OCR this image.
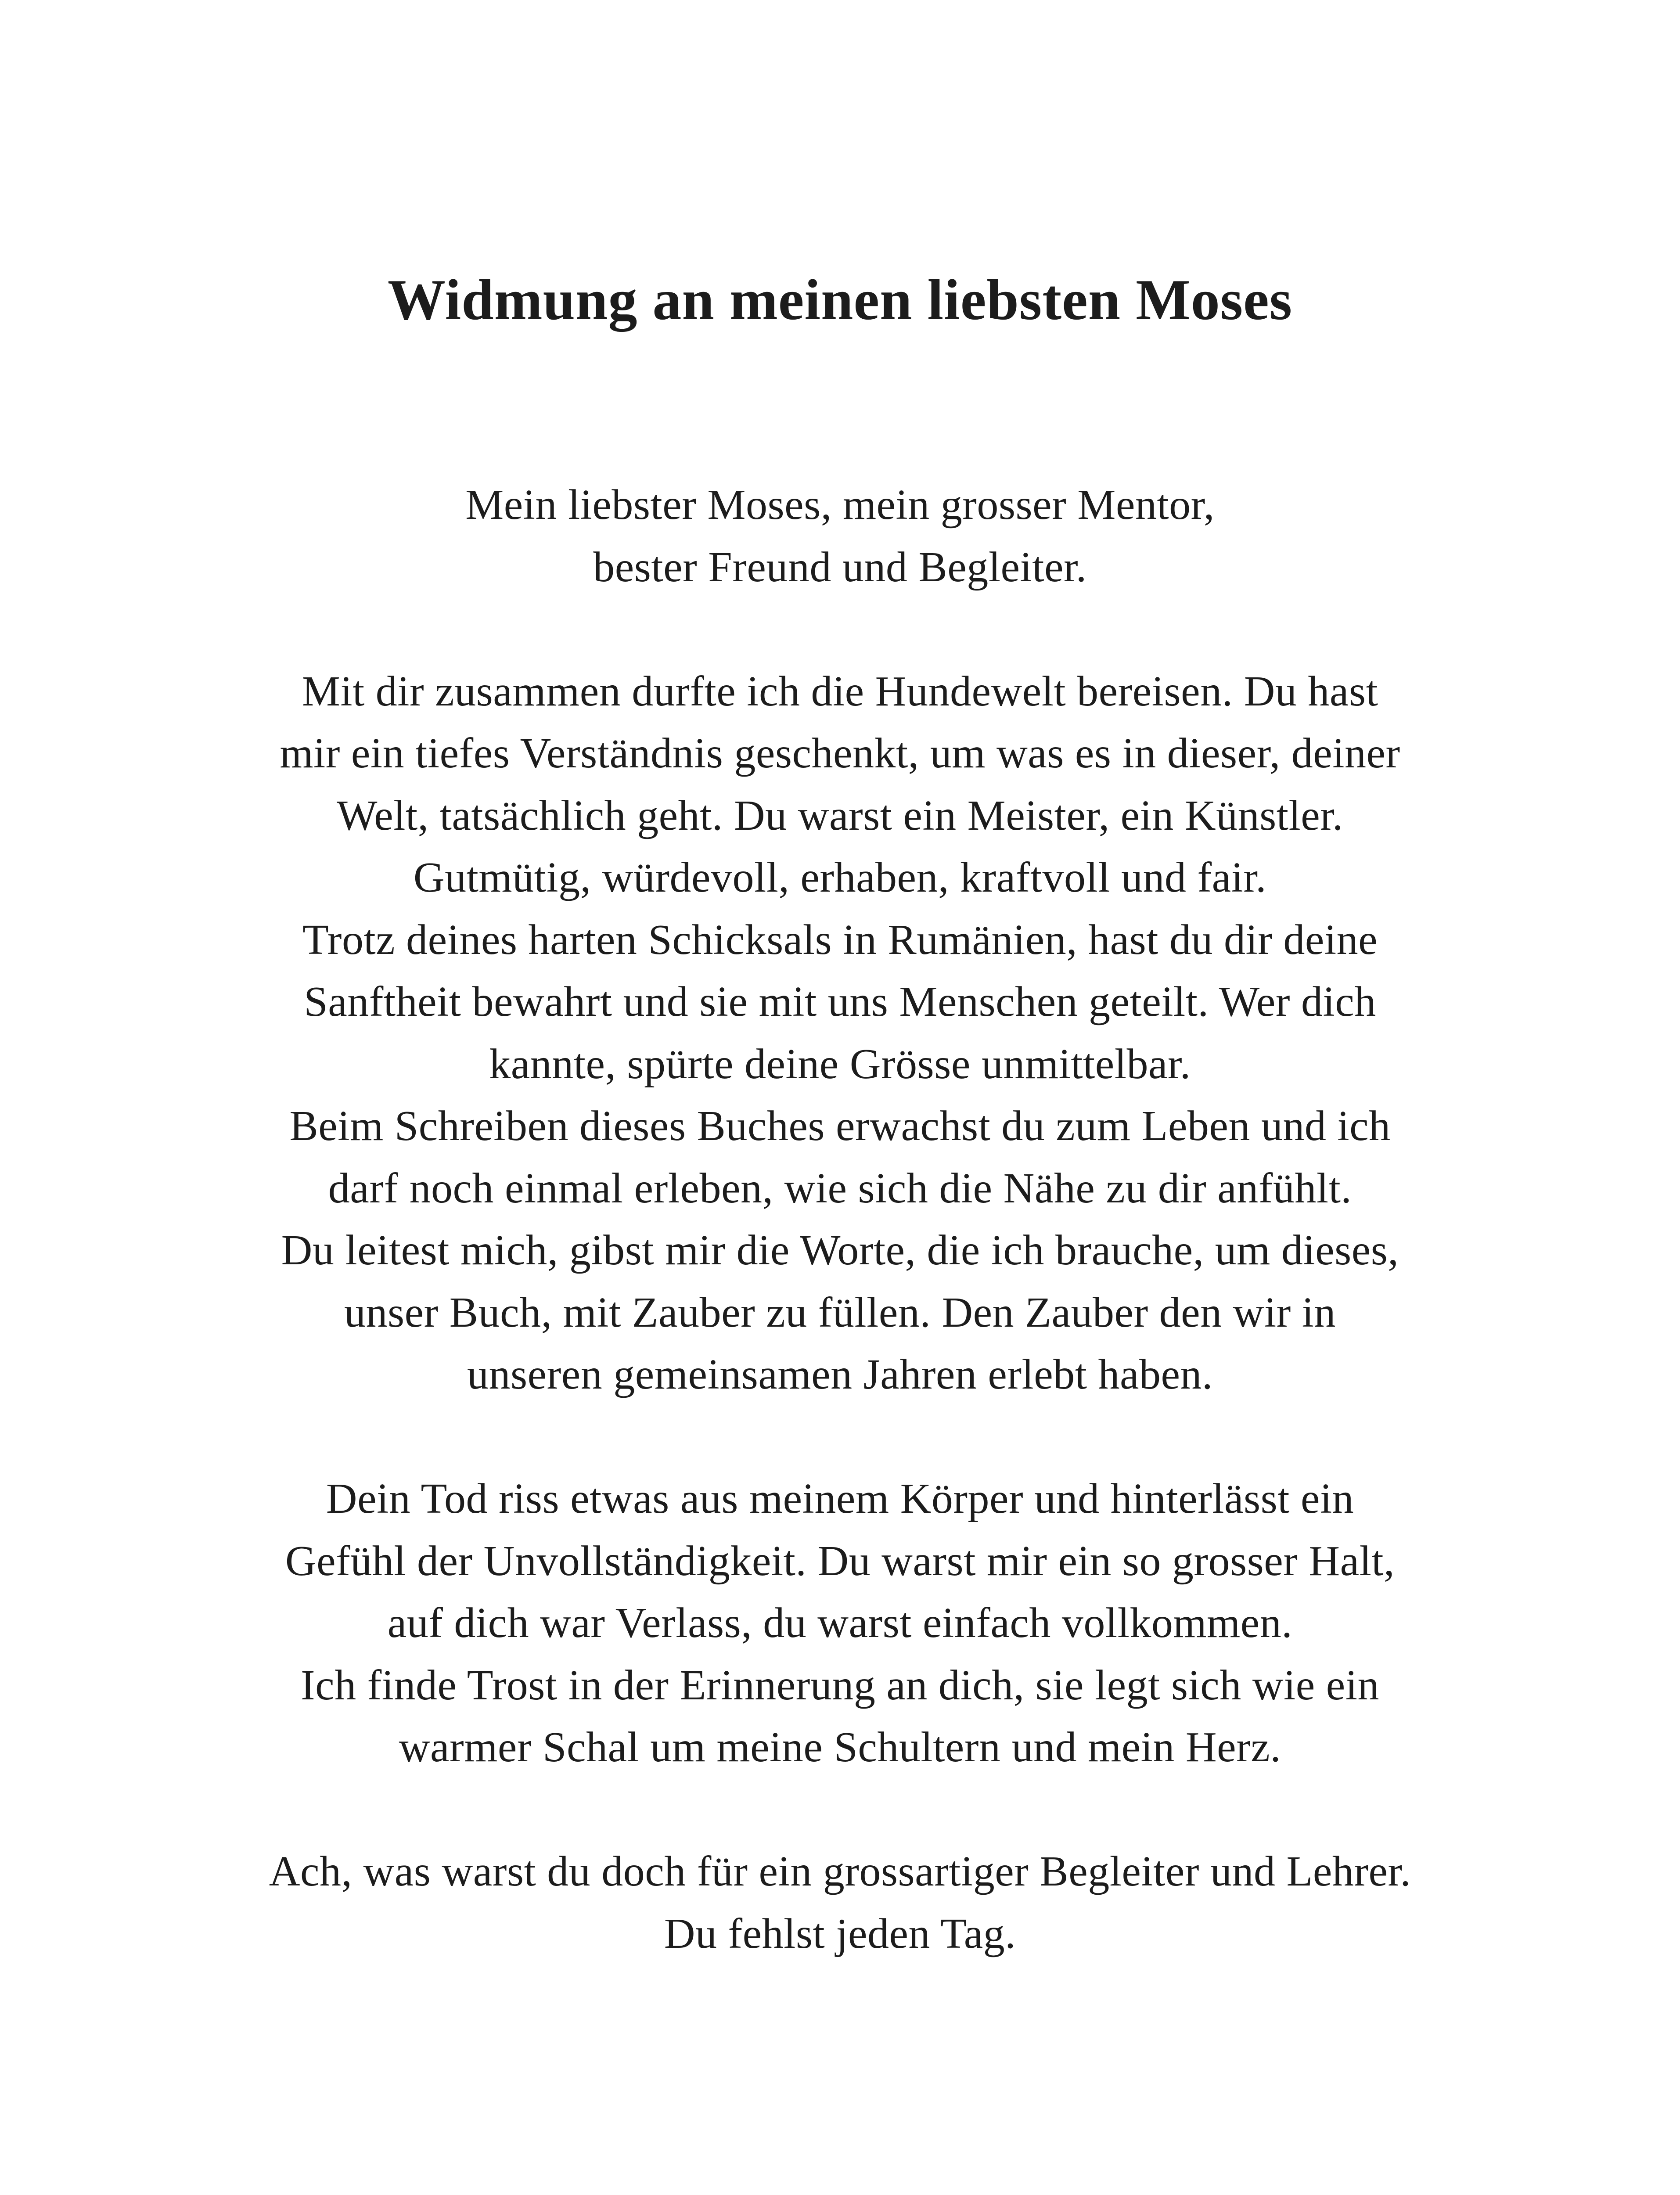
Widmung an meinen liebsten Moses
Mein liebster Moses, mein grosser Mentor,
bester Freund und Begleiter.
Mit dir zusammen durfte ich die Hundewelt bereisen. Du hast
mir ein tiefes Verständnis geschenkt, um was es in dieser, deiner
Welt, tatsächlich geht. Du warst ein Meister, ein Künstler.
Gutmütig, würdevoll, erhaben, kraftvoll und fair.
Trotz deines harten Schicksals in Rumänien, hast du dir deine
Sanftheit bewahrt und sie mit uns Menschen geteilt. Wer dich
kannte, spürte deine Grösse unmittelbar.
Beim Schreiben dieses Buches erwachst du zum Leben und ich
darf noch einmal erleben, wie sich die Nähe zu dir anfühlt.
Du leitest mich, gibst mir die Worte, die ich brauche, um dieses,
unser Buch, mit Zauber zu füllen. Den Zauber den wir in
unseren gemeinsamen Jahren erlebt haben.
Dein Tod riss etwas aus meinem Körper und hinterlässt ein
Gefühl der Unvollständigkeit. Du warst mir ein so grosser Halt,
auf dich war Verlass, du warst einfach vollkommen.
Ich finde Trost in der Erinnerung an dich, sie legt sich wie ein
warmer Schal um meine Schultern und mein Herz.
Ach, was warst du doch für ein grossartiger Begleiter und Lehrer.
Du fehlst jeden Tag.
